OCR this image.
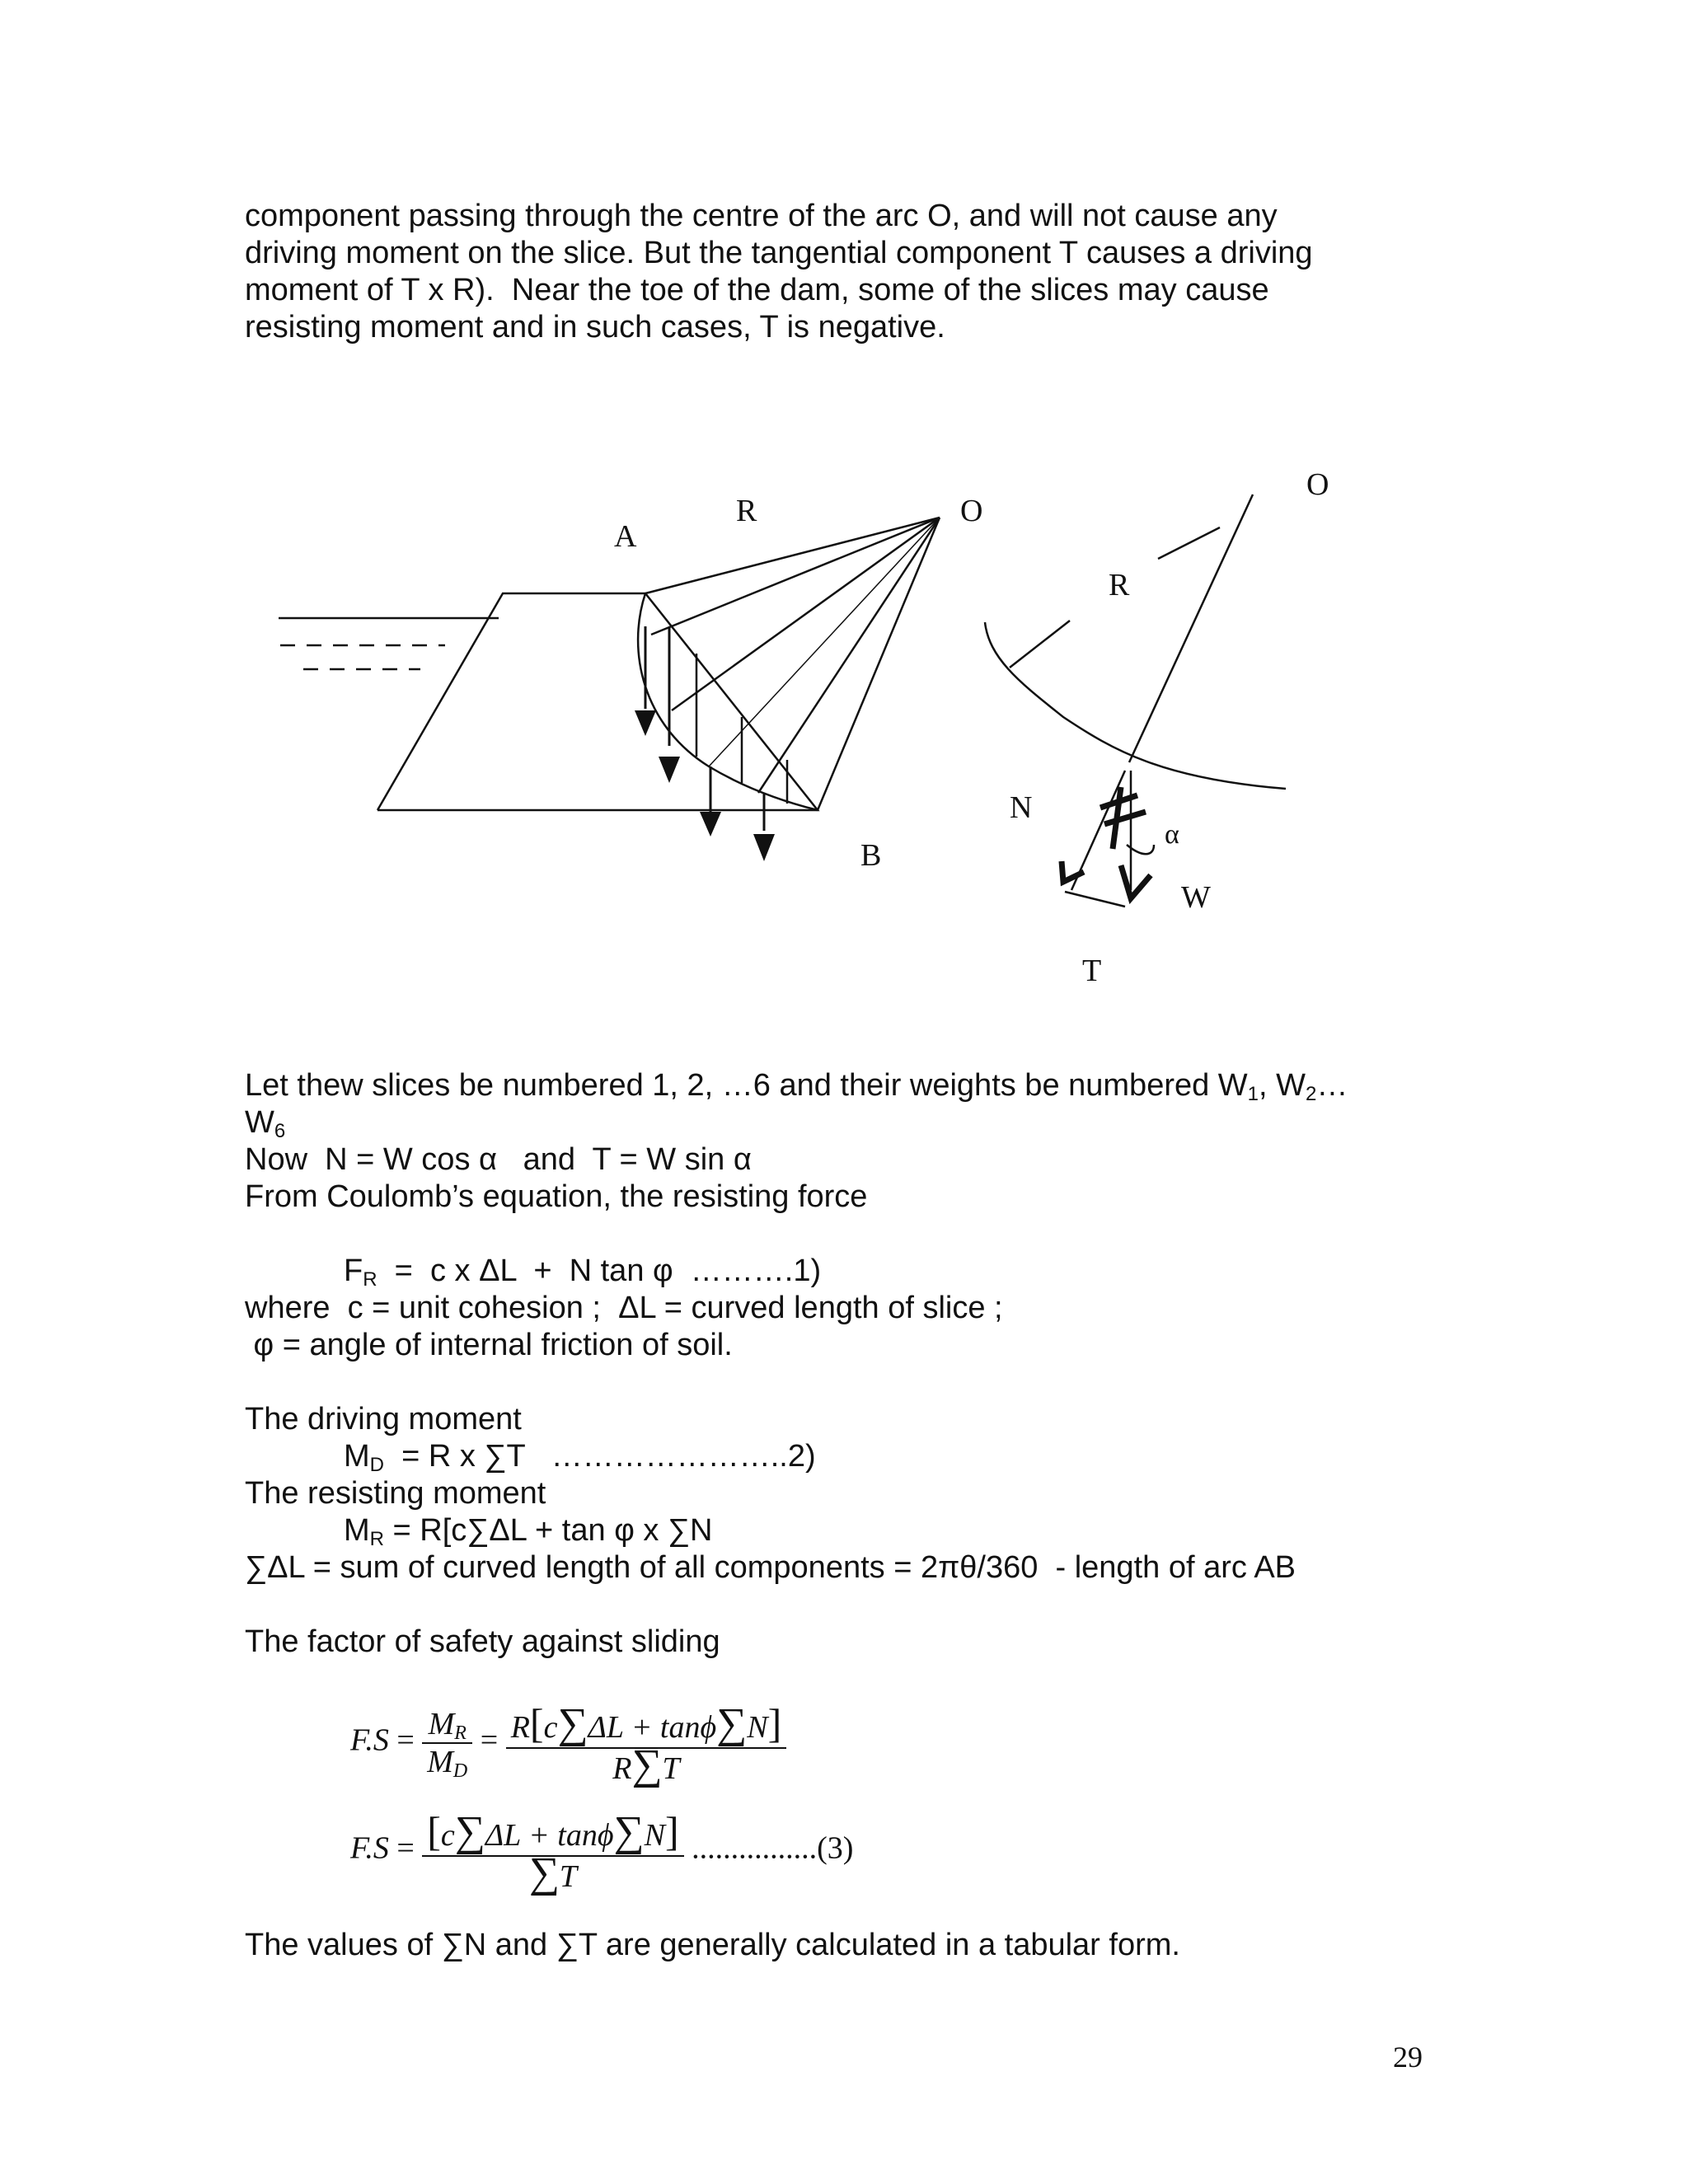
component passing through the centre of the arc O, and will not cause any
driving moment on the slice. But the tangential component T causes a driving
moment of T x R).  Near the toe of the dam, some of the slices may cause
resisting moment and in such cases, T is negative.
A
R	O
B
O
R
N
α
W
T
Let thew slices be numbered 1, 2, …6 and their weights be numbered $W_1$, $W_2\dots$
$W_6$
Now  N = W cos α   and  T = W sin α
From Coulomb’s equation, the resisting force
$F_R = c$ x ΔL  +  N tan φ  ……….1)
where  c = unit cohesion ;  ΔL = curved length of slice ;
φ = angle of internal friction of soil.
The driving moment
$M_D = R$ x ∑T   …………………..2)
The resisting moment
$M_R = R[c\sum\Delta L + \tan \varphi$ x ∑N
∑ΔL = sum of curved length of all components = 2πθ/360  - length of arc AB
The factor of safety against sliding
$F.S = \frac{M_R}{M_D} = \frac{R[c\sum\Delta L + \tan\phi\sum N]}{R\sum T}$
$F.S = \frac{[c\sum\Delta L + \tan\phi\sum N]}{\sum T} ................(3)$
The values of ∑N and ∑T are generally calculated in a tabular form.
29
